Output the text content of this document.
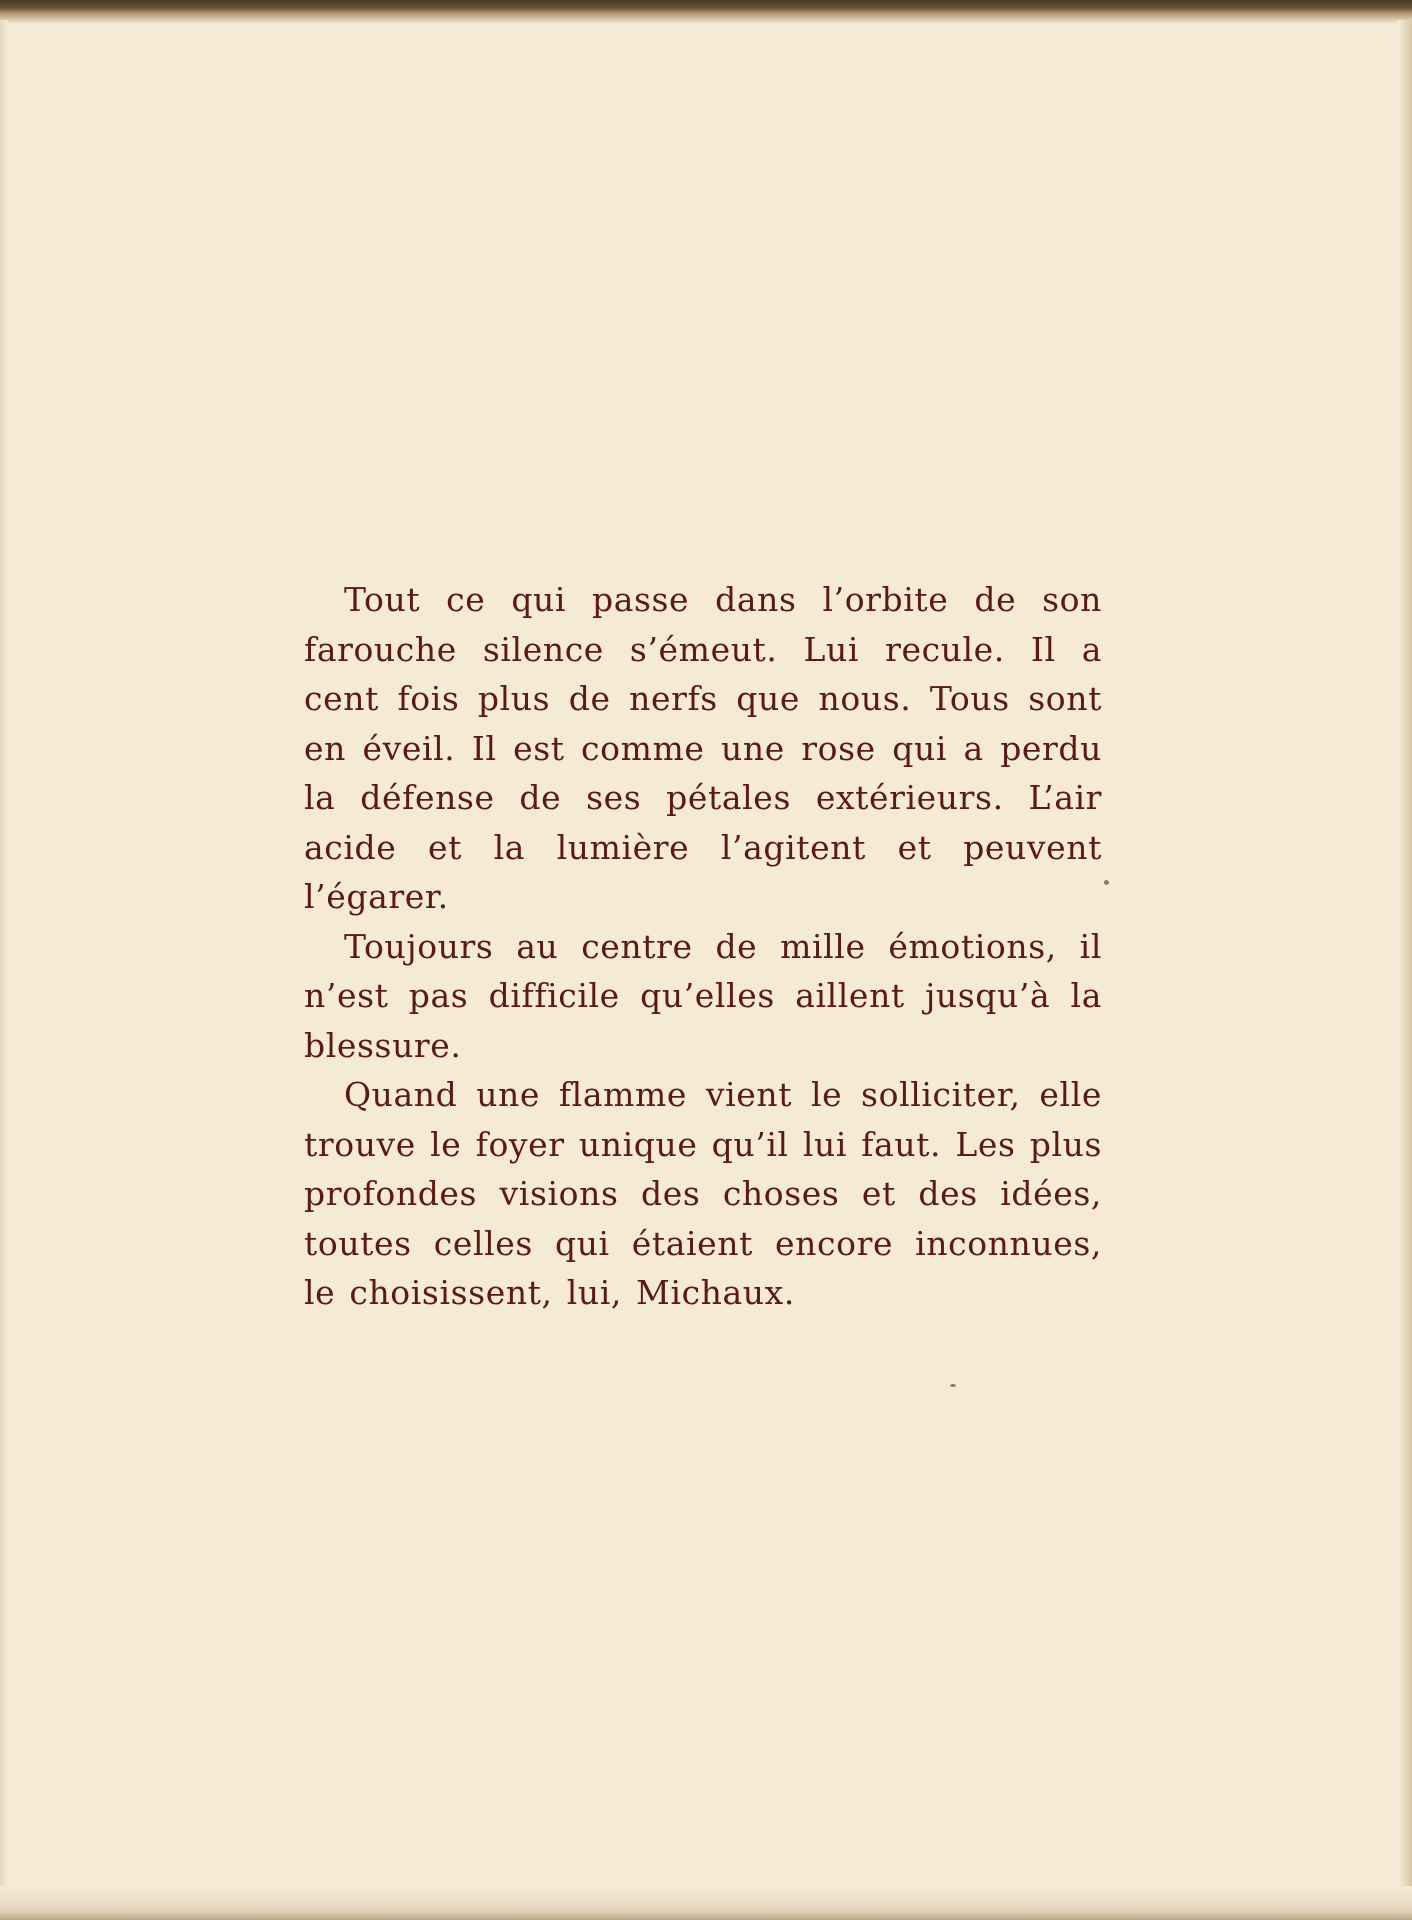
Tout ce qui passe dans l’orbite de son farouche silence s’émeut. Lui recule. Il a cent fois plus de nerfs que nous. Tous sont en éveil. Il est comme une rose qui a perdu la défense de ses pétales extérieurs. L’air acide et la lumière l’agitent et peuvent l’égarer.

Toujours au centre de mille émotions, il n’est pas difficile qu’elles aillent jusqu’à la blessure.

Quand une flamme vient le solliciter, elle trouve le foyer unique qu’il lui faut. Les plus profondes visions des choses et des idées, toutes celles qui étaient encore inconnues, le choisissent, lui, Michaux.
